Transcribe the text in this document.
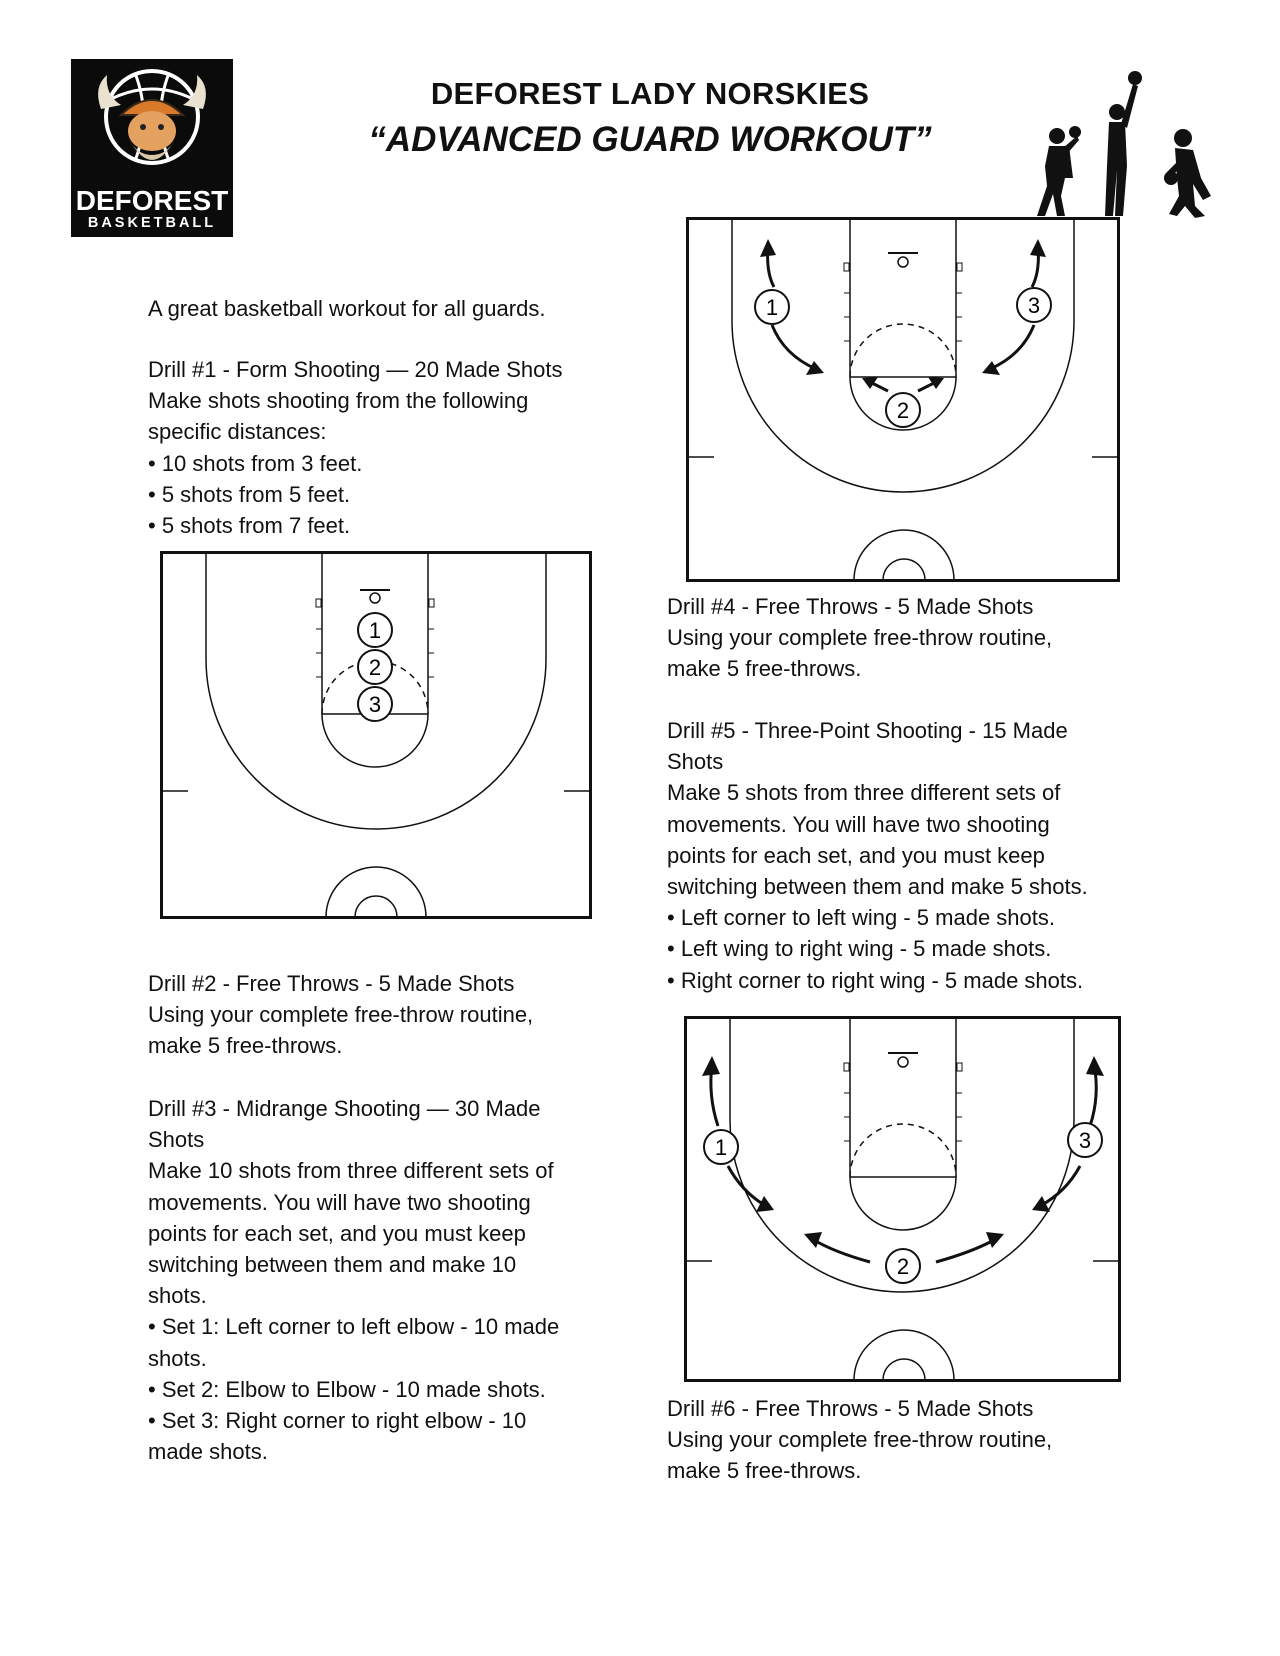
DEFOREST
BASKETBALL
DEFOREST LADY NORSKIES
“ADVANCED GUARD WORKOUT”
A great basketball workout for all guards.

Drill #1 - Form Shooting — 20 Made Shots

Make shots shooting from the following

specific distances:

• 10 shots from 3 feet.

• 5 shots from 5 feet.

• 5 shots from 7 feet.

1
2
3

Drill #2 - Free Throws - 5 Made Shots

Using your complete free-throw routine,

make 5 free-throws.

Drill #3 - Midrange Shooting — 30 Made

Shots

Make 10 shots from three different sets of

movements. You will have two shooting

points for each set, and you must keep

switching between them and make 10

shots.

• Set 1: Left corner to left elbow - 10 made

shots.

• Set 2: Elbow to Elbow - 10 made shots.

• Set 3: Right corner to right elbow - 10

made shots.

1
2
3

Drill #4 - Free Throws - 5 Made Shots

Using your complete free-throw routine,

make 5 free-throws.

Drill #5 - Three-Point Shooting - 15 Made

Shots

Make 5 shots from three different sets of

movements. You will have two shooting

points for each set, and you must keep

switching between them and make 5 shots.

• Left corner to left wing - 5 made shots.

• Left wing to right wing - 5 made shots.

• Right corner to right wing - 5 made shots.

1
2
3

Drill #6 - Free Throws - 5 Made Shots

Using your complete free-throw routine,

make 5 free-throws.
